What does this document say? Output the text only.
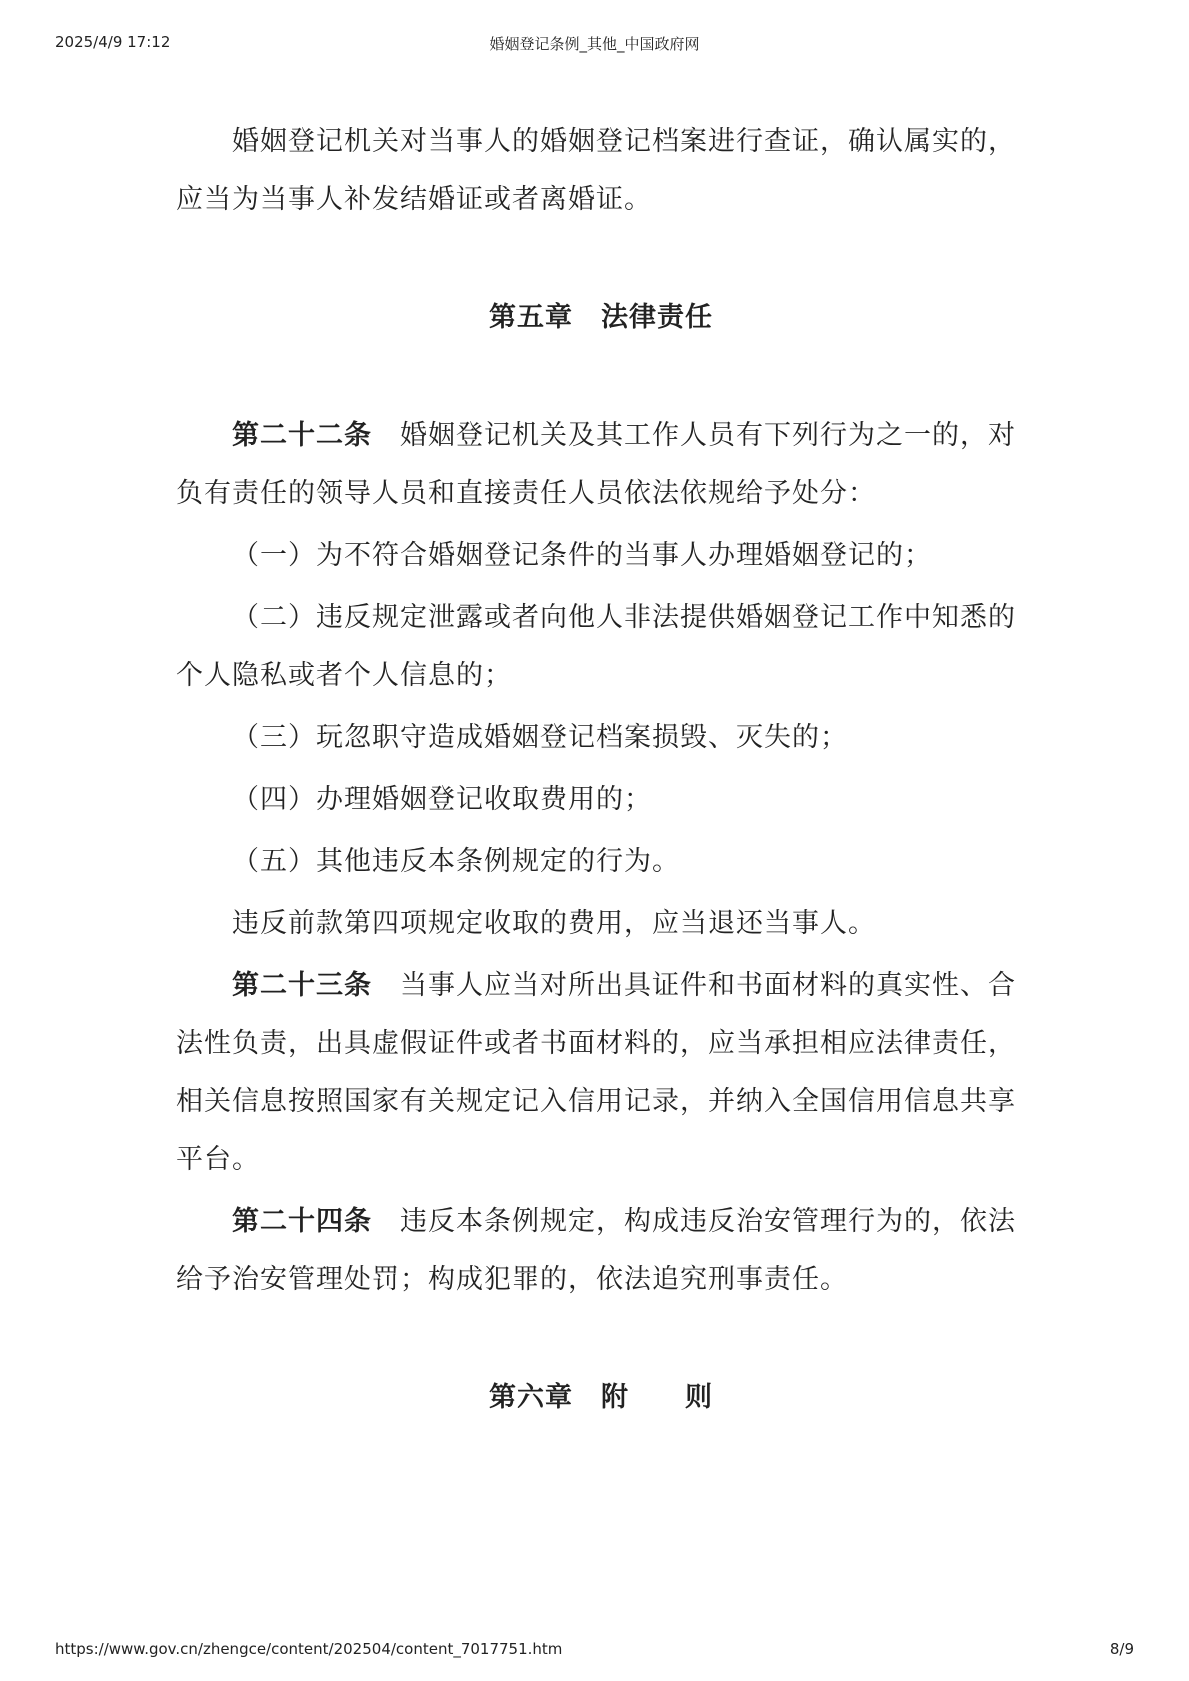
2025/4/9 17:12	婚姻登记条例_其他_中国政府网

婚姻登记机关对当事人的婚姻登记档案进行查证，确认属实的，应当为当事人补发结婚证或者离婚证。

第五章 法律责任

第二十二条 婚姻登记机关及其工作人员有下列行为之一的，对负有责任的领导人员和直接责任人员依法依规给予处分：

（一）为不符合婚姻登记条件的当事人办理婚姻登记的；

（二）违反规定泄露或者向他人非法提供婚姻登记工作中知悉的个人隐私或者个人信息的；

（三）玩忽职守造成婚姻登记档案损毁、灭失的；

（四）办理婚姻登记收取费用的；

（五）其他违反本条例规定的行为。

违反前款第四项规定收取的费用，应当退还当事人。

第二十三条 当事人应当对所出具证件和书面材料的真实性、合法性负责，出具虚假证件或者书面材料的，应当承担相应法律责任，相关信息按照国家有关规定记入信用记录，并纳入全国信用信息共享平台。

第二十四条 违反本条例规定，构成违反治安管理行为的，依法给予治安管理处罚；构成犯罪的，依法追究刑事责任。

第六章 附　　则

https://www.gov.cn/zhengce/content/202504/content_7017751.htm	8/9
